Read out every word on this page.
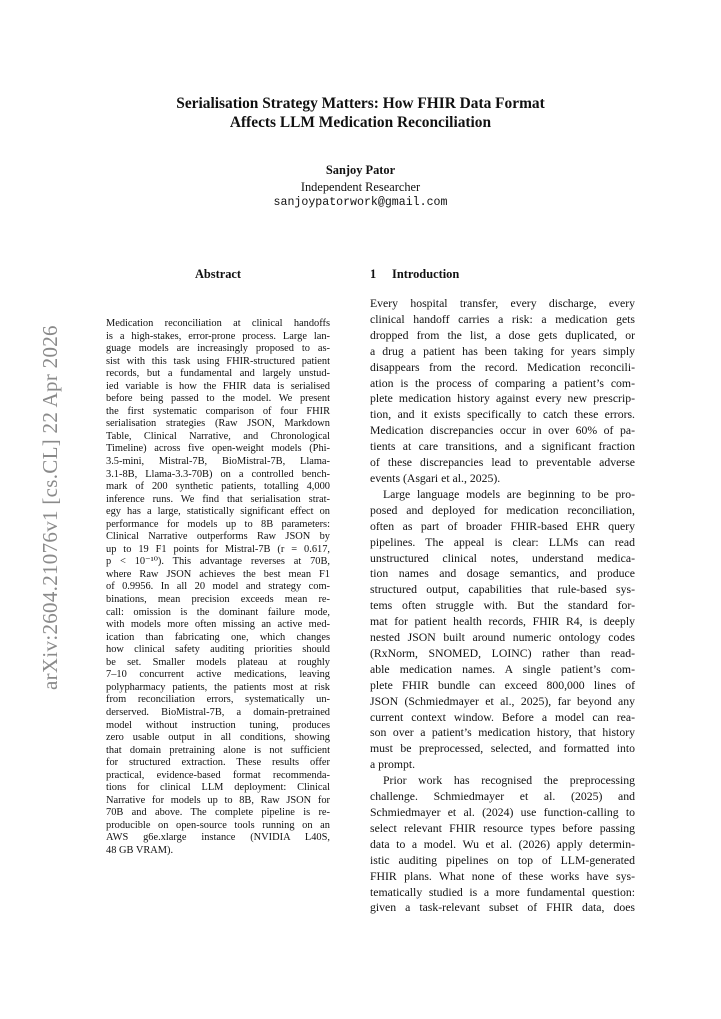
arXiv:2604.21076v1 [cs.CL] 22 Apr 2026
Serialisation Strategy Matters: How FHIR Data Format
Affects LLM Medication Reconciliation
Sanjoy Pator
Independent Researcher
sanjoypatorwork@gmail.com
Abstract
Medication reconciliation at clinical handoffs
is a high-stakes, error-prone process. Large lan-
guage models are increasingly proposed to as-
sist with this task using FHIR-structured patient
records, but a fundamental and largely unstud-
ied variable is how the FHIR data is serialised
before being passed to the model. We present
the first systematic comparison of four FHIR
serialisation strategies (Raw JSON, Markdown
Table, Clinical Narrative, and Chronological
Timeline) across five open-weight models (Phi-
3.5-mini, Mistral-7B, BioMistral-7B, Llama-
3.1-8B, Llama-3.3-70B) on a controlled bench-
mark of 200 synthetic patients, totalling 4,000
inference runs. We find that serialisation strat-
egy has a large, statistically significant effect on
performance for models up to 8B parameters:
Clinical Narrative outperforms Raw JSON by
up to 19 F1 points for Mistral-7B (r = 0.617,
p < 10⁻¹⁰). This advantage reverses at 70B,
where Raw JSON achieves the best mean F1
of 0.9956. In all 20 model and strategy com-
binations, mean precision exceeds mean re-
call: omission is the dominant failure mode,
with models more often missing an active med-
ication than fabricating one, which changes
how clinical safety auditing priorities should
be set. Smaller models plateau at roughly
7–10 concurrent active medications, leaving
polypharmacy patients, the patients most at risk
from reconciliation errors, systematically un-
derserved. BioMistral-7B, a domain-pretrained
model without instruction tuning, produces
zero usable output in all conditions, showing
that domain pretraining alone is not sufficient
for structured extraction. These results offer
practical, evidence-based format recommenda-
tions for clinical LLM deployment: Clinical
Narrative for models up to 8B, Raw JSON for
70B and above. The complete pipeline is re-
producible on open-source tools running on an
AWS g6e.xlarge instance (NVIDIA L40S,
48 GB VRAM).
1 Introduction
Every hospital transfer, every discharge, every
clinical handoff carries a risk: a medication gets
dropped from the list, a dose gets duplicated, or
a drug a patient has been taking for years simply
disappears from the record. Medication reconcili-
ation is the process of comparing a patient’s com-
plete medication history against every new prescrip-
tion, and it exists specifically to catch these errors.
Medication discrepancies occur in over 60% of pa-
tients at care transitions, and a significant fraction
of these discrepancies lead to preventable adverse
events (Asgari et al., 2025).
Large language models are beginning to be pro-
posed and deployed for medication reconciliation,
often as part of broader FHIR-based EHR query
pipelines. The appeal is clear: LLMs can read
unstructured clinical notes, understand medica-
tion names and dosage semantics, and produce
structured output, capabilities that rule-based sys-
tems often struggle with. But the standard for-
mat for patient health records, FHIR R4, is deeply
nested JSON built around numeric ontology codes
(RxNorm, SNOMED, LOINC) rather than read-
able medication names. A single patient’s com-
plete FHIR bundle can exceed 800,000 lines of
JSON (Schmiedmayer et al., 2025), far beyond any
current context window. Before a model can rea-
son over a patient’s medication history, that history
must be preprocessed, selected, and formatted into
a prompt.
Prior work has recognised the preprocessing
challenge. Schmiedmayer et al. (2025) and
Schmiedmayer et al. (2024) use function-calling to
select relevant FHIR resource types before passing
data to a model. Wu et al. (2026) apply determin-
istic auditing pipelines on top of LLM-generated
FHIR plans. What none of these works have sys-
tematically studied is a more fundamental question:
given a task-relevant subset of FHIR data, does
